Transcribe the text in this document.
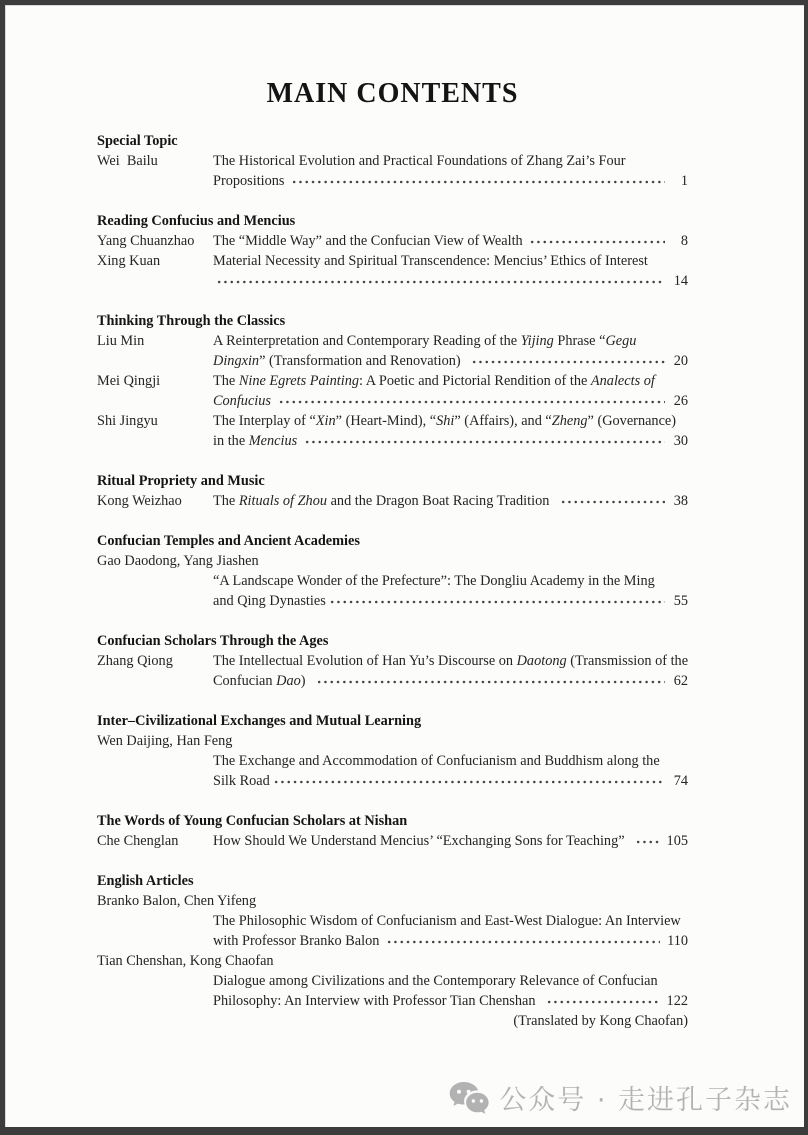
MAIN CONTENTS
Special Topic
Wei  Bailu	The Historical Evolution and Practical Foundations of Zhang Zai’s Four
Propositions	1
Reading Confucius and Mencius
Yang Chuanzhao	The “Middle Way” and the Confucian View of Wealth	8
Xing Kuan	Material Necessity and Spiritual Transcendence: Mencius’ Ethics of Interest
14
Thinking Through the Classics
Liu Min	A Reinterpretation and Contemporary Reading of the Yijing Phrase “Gegu
Dingxin” (Transformation and Renovation)	20
Mei Qingji	The Nine Egrets Painting: A Poetic and Pictorial Rendition of the Analects of
Confucius	26
Shi Jingyu	The Interplay of “Xin” (Heart-Mind), “Shi” (Affairs), and “Zheng” (Governance)
in the Mencius	30
Ritual Propriety and Music
Kong Weizhao	The Rituals of Zhou and the Dragon Boat Racing Tradition	38
Confucian Temples and Ancient Academies
Gao Daodong, Yang Jiashen
“A Landscape Wonder of the Prefecture”: The Dongliu Academy in the Ming
and Qing Dynasties	55
Confucian Scholars Through the Ages
Zhang Qiong	The Intellectual Evolution of Han Yu’s Discourse on Daotong (Transmission of the
Confucian Dao)	62
Inter–Civilizational Exchanges and Mutual Learning
Wen Daijing, Han Feng
The Exchange and Accommodation of Confucianism and Buddhism along the
Silk Road	74
The Words of Young Confucian Scholars at Nishan
Che Chenglan	How Should We Understand Mencius’ “Exchanging Sons for Teaching”	105
English Articles
Branko Balon, Chen Yifeng
The Philosophic Wisdom of Confucianism and East-West Dialogue: An Interview
with Professor Branko Balon	110
Tian Chenshan, Kong Chaofan
Dialogue among Civilizations and the Contemporary Relevance of Confucian
Philosophy: An Interview with Professor Tian Chenshan	122
(Translated by Kong Chaofan)
公众号 · 走进孔子杂志
